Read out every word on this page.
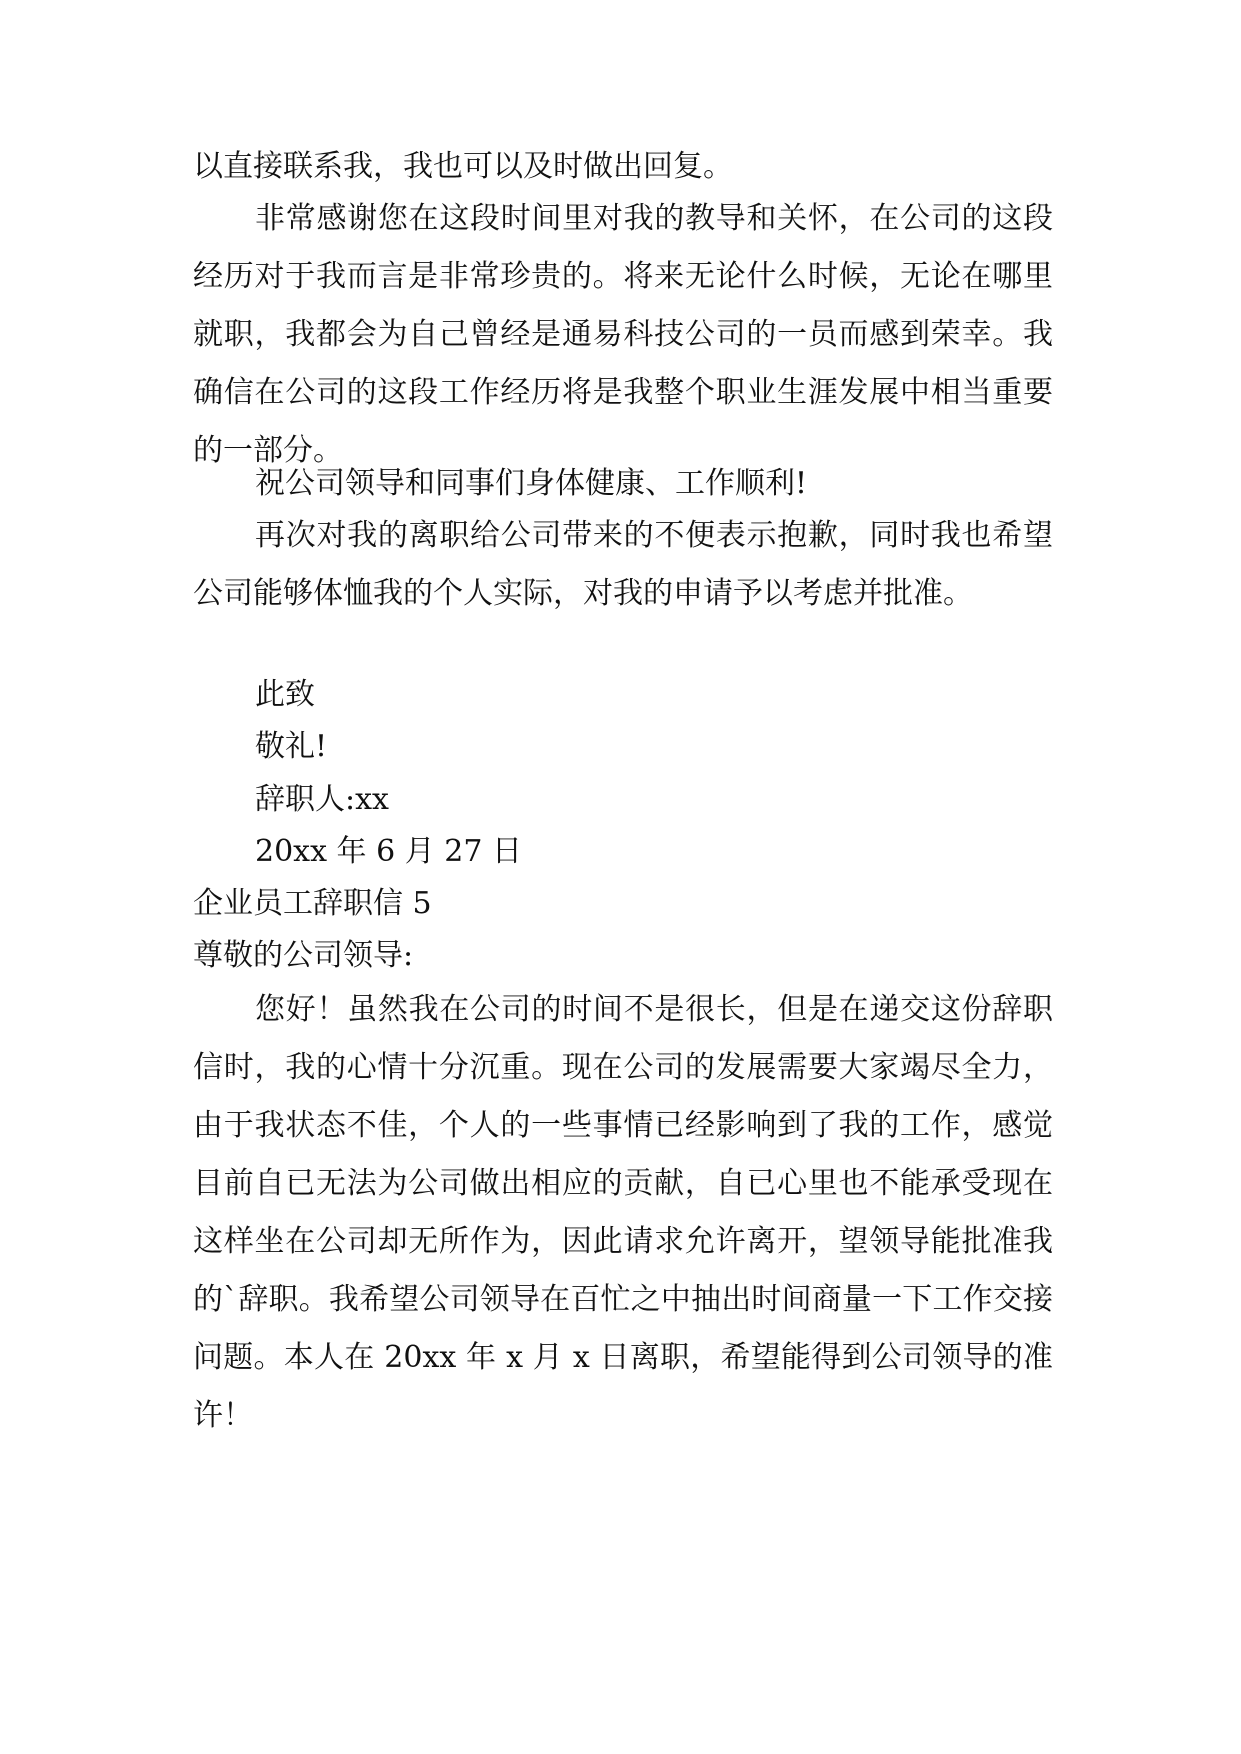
以直接联系我，我也可以及时做出回复。

非常感谢您在这段时间里对我的教导和关怀，在公司的这段经历对于我而言是非常珍贵的。将来无论什么时候，无论在哪里就职，我都会为自己曾经是通易科技公司的一员而感到荣幸。我确信在公司的这段工作经历将是我整个职业生涯发展中相当重要的一部分。

祝公司领导和同事们身体健康、工作顺利!

再次对我的离职给公司带来的不便表示抱歉，同时我也希望公司能够体恤我的个人实际，对我的申请予以考虑并批准。

此致

敬礼!

辞职人:xx

20xx 年 6 月 27 日

企业员工辞职信 5

尊敬的公司领导:

您好！虽然我在公司的时间不是很长，但是在递交这份辞职信时，我的心情十分沉重。现在公司的发展需要大家竭尽全力，由于我状态不佳，个人的一些事情已经影响到了我的工作，感觉目前自已无法为公司做出相应的贡献，自已心里也不能承受现在这样坐在公司却无所作为，因此请求允许离开，望领导能批准我的`辞职。我希望公司领导在百忙之中抽出时间商量一下工作交接问题。本人在 20xx 年 x 月 x 日离职，希望能得到公司领导的准许！
